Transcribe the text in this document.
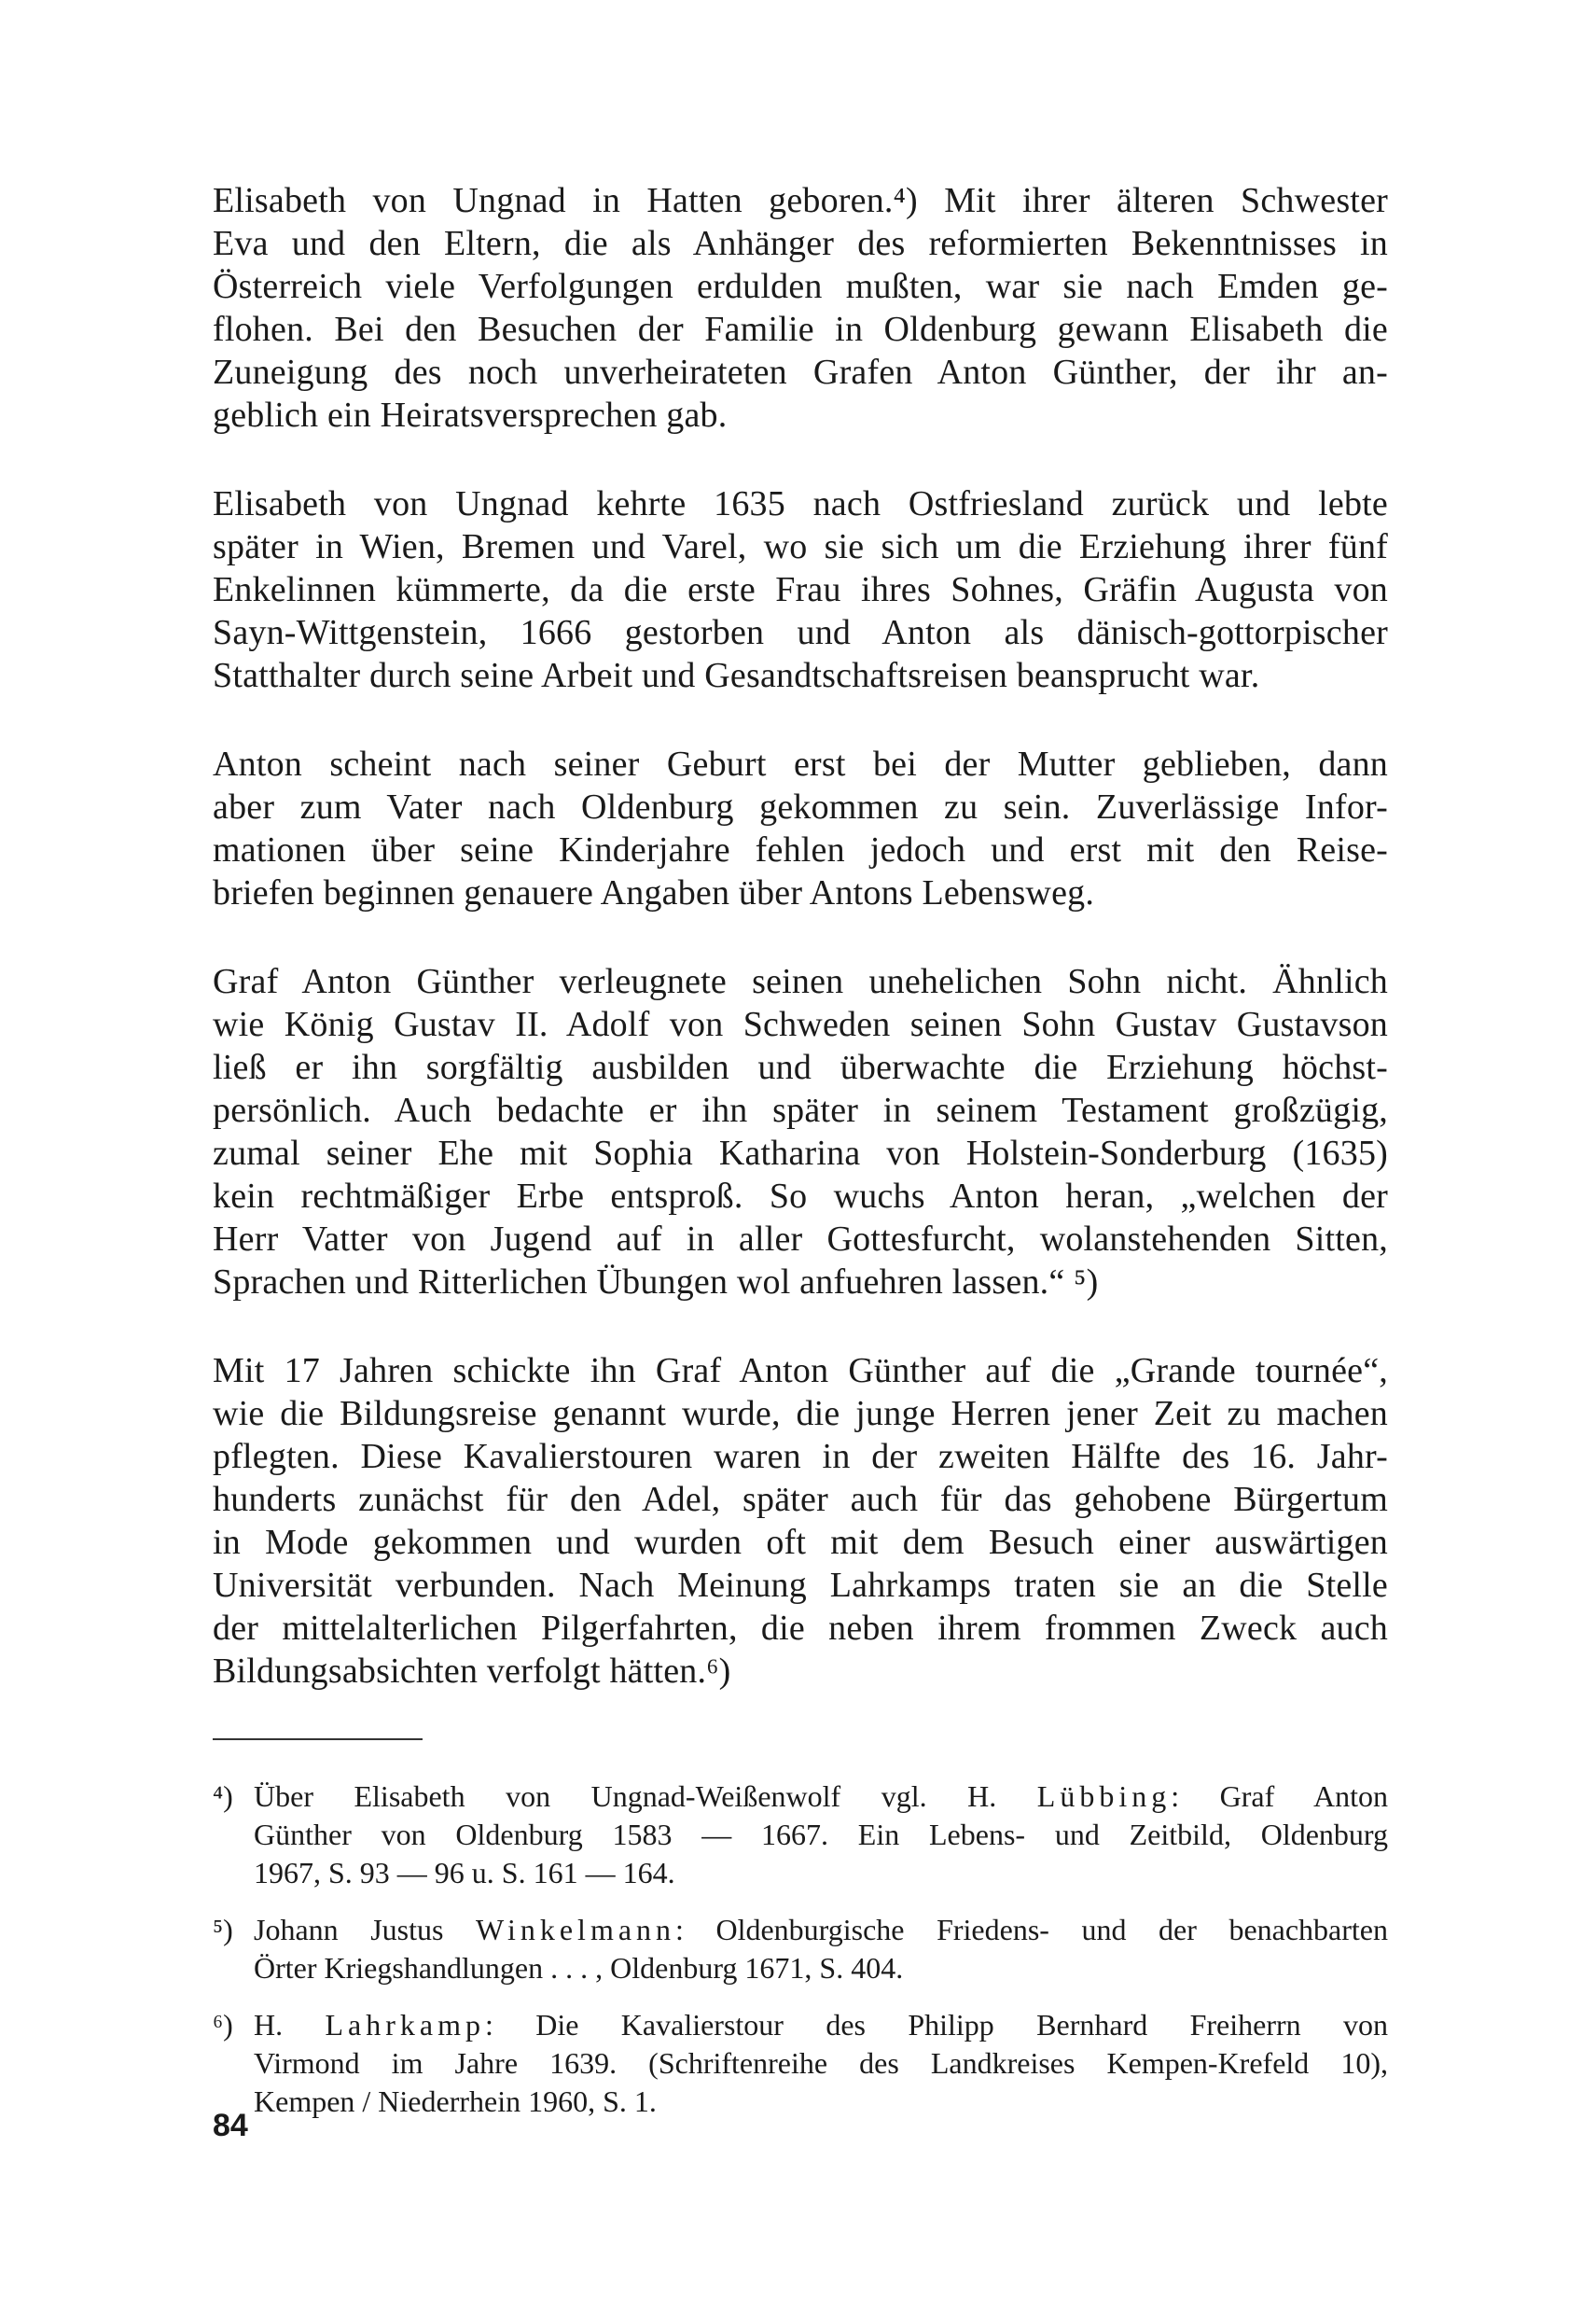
Elisabeth von Ungnad in Hatten geboren.⁴) Mit ihrer älteren Schwester
Eva und den Eltern, die als Anhänger des reformierten Bekenntnisses in
Österreich viele Verfolgungen erdulden mußten, war sie nach Emden ge-
flohen. Bei den Besuchen der Familie in Oldenburg gewann Elisabeth die
Zuneigung des noch unverheirateten Grafen Anton Günther, der ihr an-
geblich ein Heiratsversprechen gab.

Elisabeth von Ungnad kehrte 1635 nach Ostfriesland zurück und lebte
später in Wien, Bremen und Varel, wo sie sich um die Erziehung ihrer fünf
Enkelinnen kümmerte, da die erste Frau ihres Sohnes, Gräfin Augusta von
Sayn-Wittgenstein, 1666 gestorben und Anton als dänisch-gottorpischer
Statthalter durch seine Arbeit und Gesandtschaftsreisen beansprucht war.

Anton scheint nach seiner Geburt erst bei der Mutter geblieben, dann
aber zum Vater nach Oldenburg gekommen zu sein. Zuverlässige Infor-
mationen über seine Kinderjahre fehlen jedoch und erst mit den Reise-
briefen beginnen genauere Angaben über Antons Lebensweg.

Graf Anton Günther verleugnete seinen unehelichen Sohn nicht. Ähnlich
wie König Gustav II. Adolf von Schweden seinen Sohn Gustav Gustavson
ließ er ihn sorgfältig ausbilden und überwachte die Erziehung höchst-
persönlich. Auch bedachte er ihn später in seinem Testament großzügig,
zumal seiner Ehe mit Sophia Katharina von Holstein-Sonderburg (1635)
kein rechtmäßiger Erbe entsproß. So wuchs Anton heran, „welchen der
Herr Vatter von Jugend auf in aller Gottesfurcht, wolanstehenden Sitten,
Sprachen und Ritterlichen Übungen wol anfuehren lassen.“ ⁵)

Mit 17 Jahren schickte ihn Graf Anton Günther auf die „Grande tournée“,
wie die Bildungsreise genannt wurde, die junge Herren jener Zeit zu machen
pflegten. Diese Kavalierstouren waren in der zweiten Hälfte des 16. Jahr-
hunderts zunächst für den Adel, später auch für das gehobene Bürgertum
in Mode gekommen und wurden oft mit dem Besuch einer auswärtigen
Universität verbunden. Nach Meinung Lahrkamps traten sie an die Stelle
der mittelalterlichen Pilgerfahrten, die neben ihrem frommen Zweck auch
Bildungsabsichten verfolgt hätten.⁶)

⁴) Über Elisabeth von Ungnad-Weißenwolf vgl. H. Lübbing: Graf Anton
Günther von Oldenburg 1583 — 1667. Ein Lebens- und Zeitbild, Oldenburg
1967, S. 93 — 96 u. S. 161 — 164.
⁵) Johann Justus Winkelmann: Oldenburgische Friedens- und der benachbarten
Örter Kriegshandlungen . . . , Oldenburg 1671, S. 404.
⁶) H. Lahrkamp: Die Kavalierstour des Philipp Bernhard Freiherrn von
Virmond im Jahre 1639. (Schriftenreihe des Landkreises Kempen-Krefeld 10),
Kempen / Niederrhein 1960, S. 1.
84
